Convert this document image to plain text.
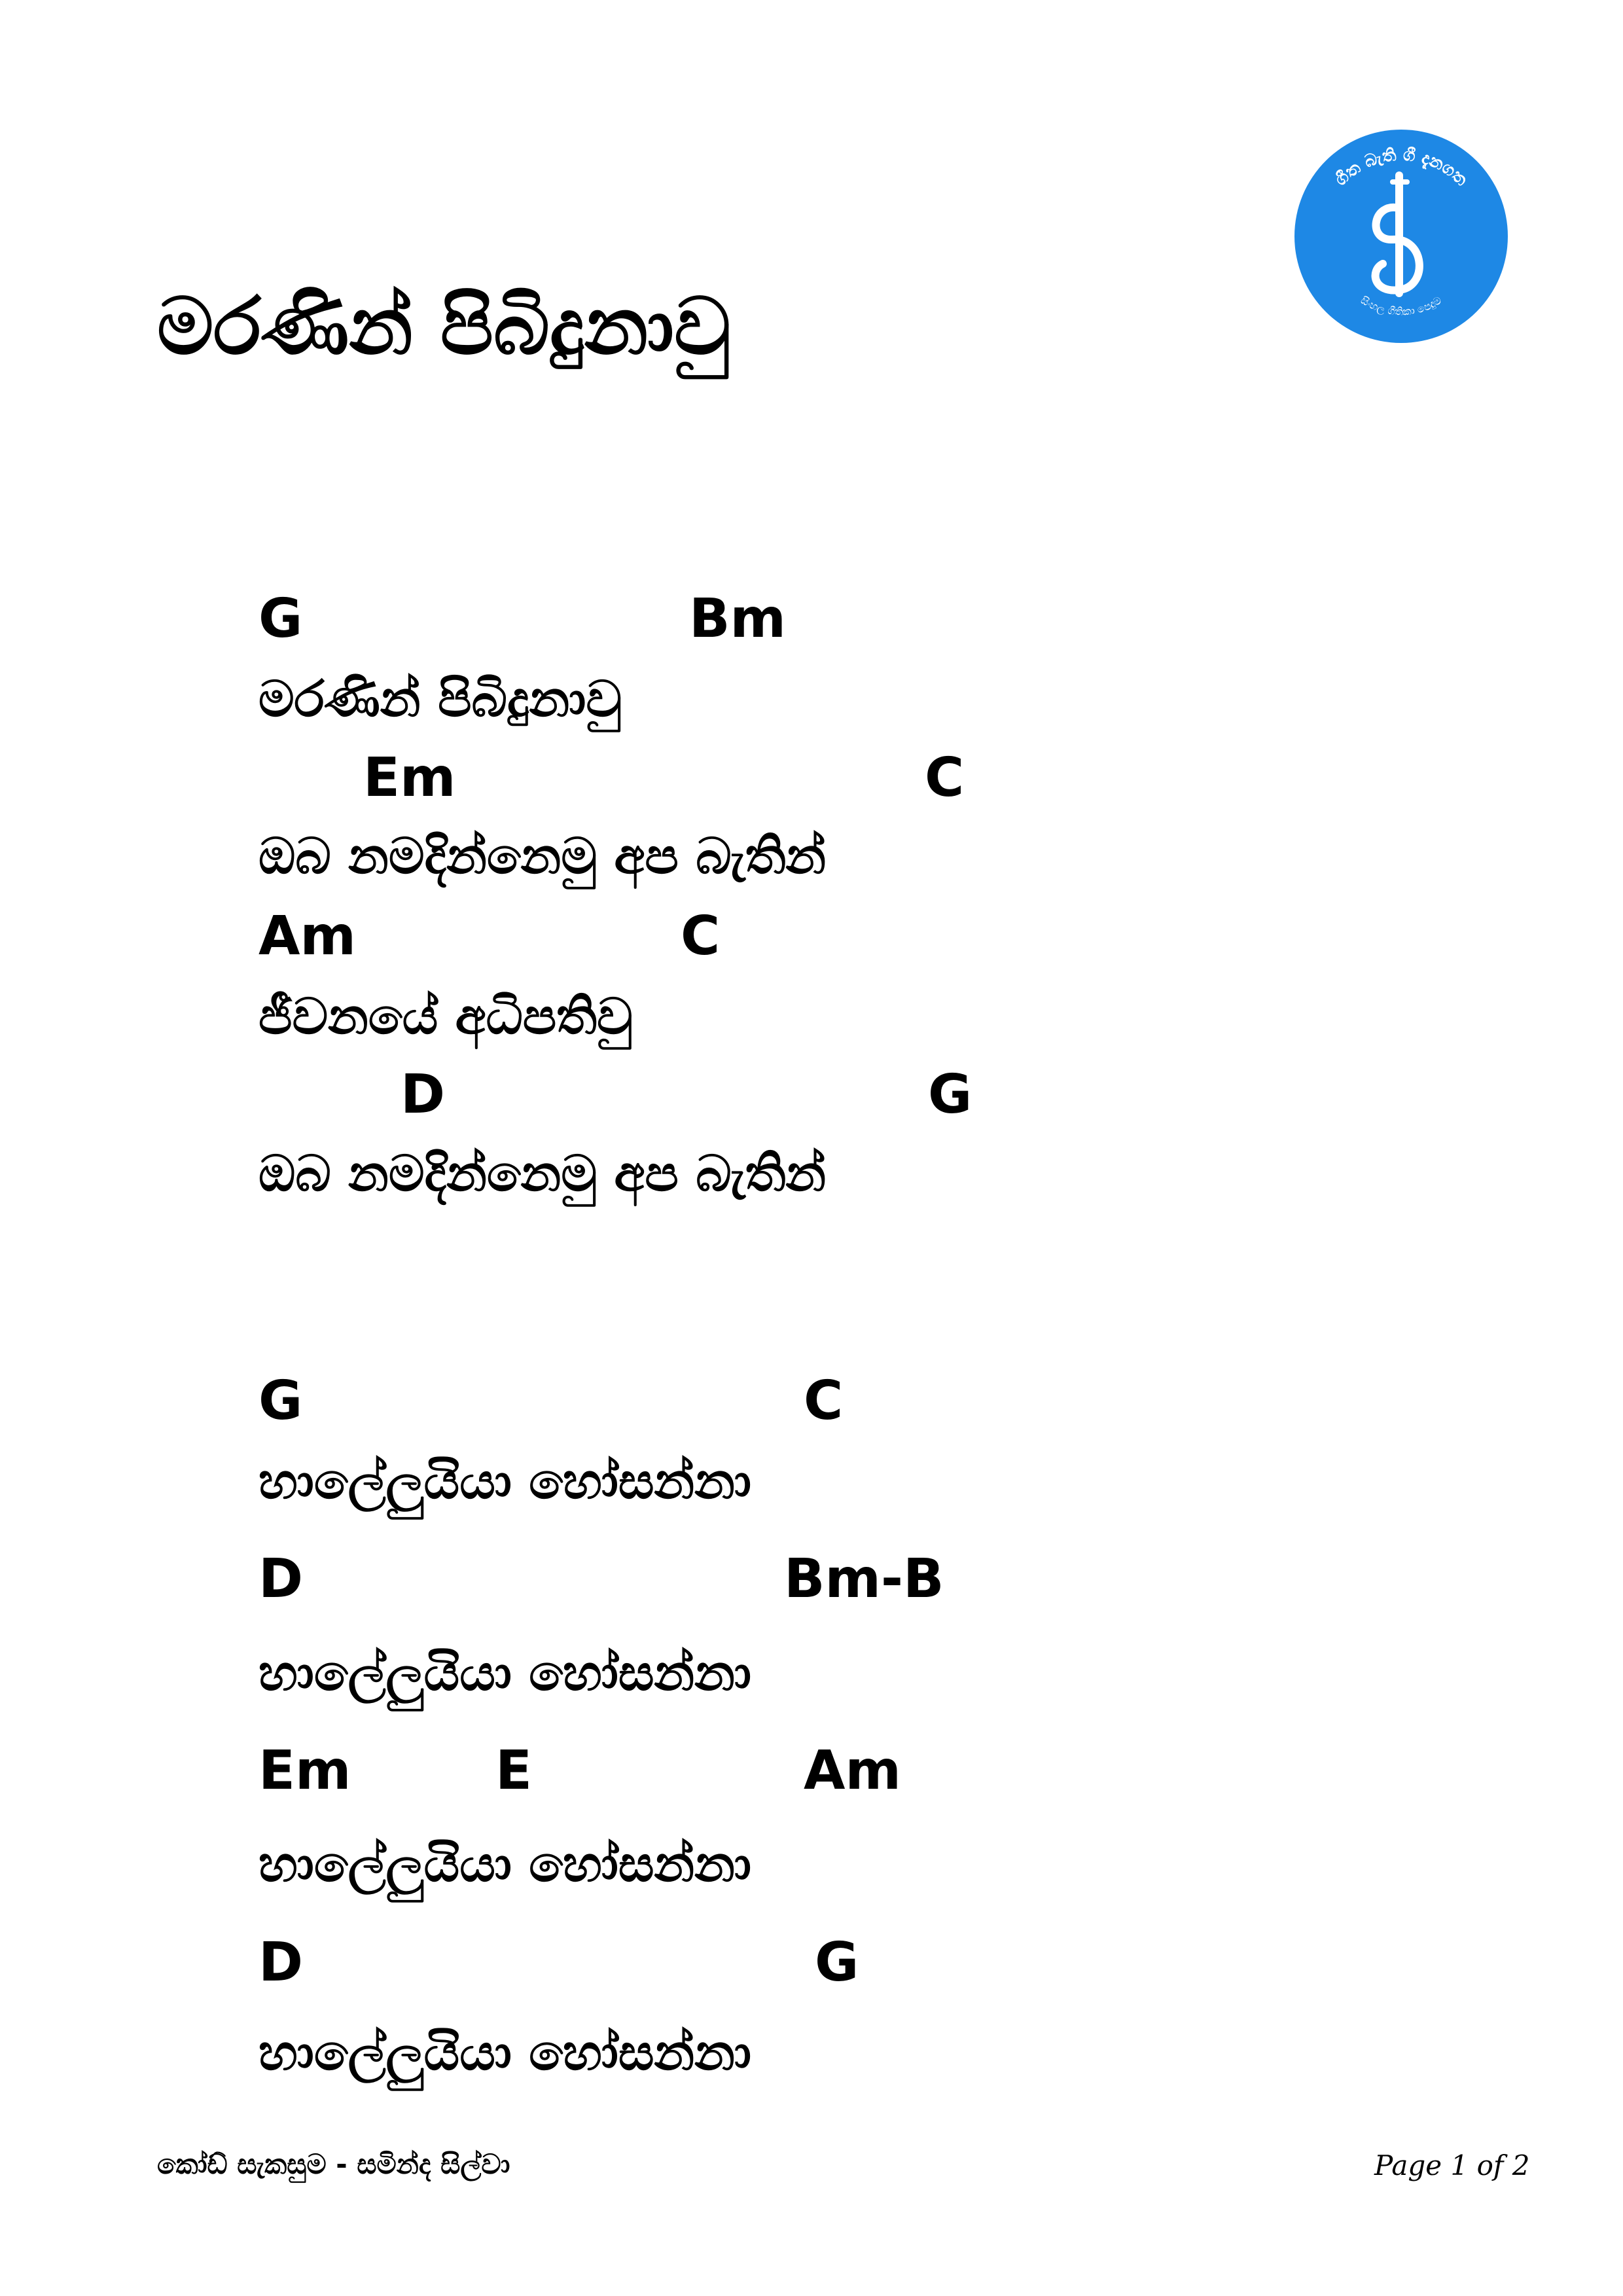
ගීත බැති ගී දැනගත
සිංහල ගීතිකා පෙදුම
මරණින් පිබිදුනාවු
G	Bm
මරණින් පිබිදුනාවු
Em	C
ඔබ නමදින්නෙමු අප බැතින්
Am	C
ජීවනයේ අධිපතිවු
D	G
ඔබ නමදින්නෙමු අප බැතින්
G	C
හාලේලුයියා හෝසන්නා
D	Bm-B
හාලේලුයියා හෝසන්නා
Em	E	Am
හාලේලුයියා හෝසන්නා
D	G
හාලේලුයියා හෝසන්නා
කෝඩ් සැකසුම - සමින්ද සිල්වා	Page 1 of 2
